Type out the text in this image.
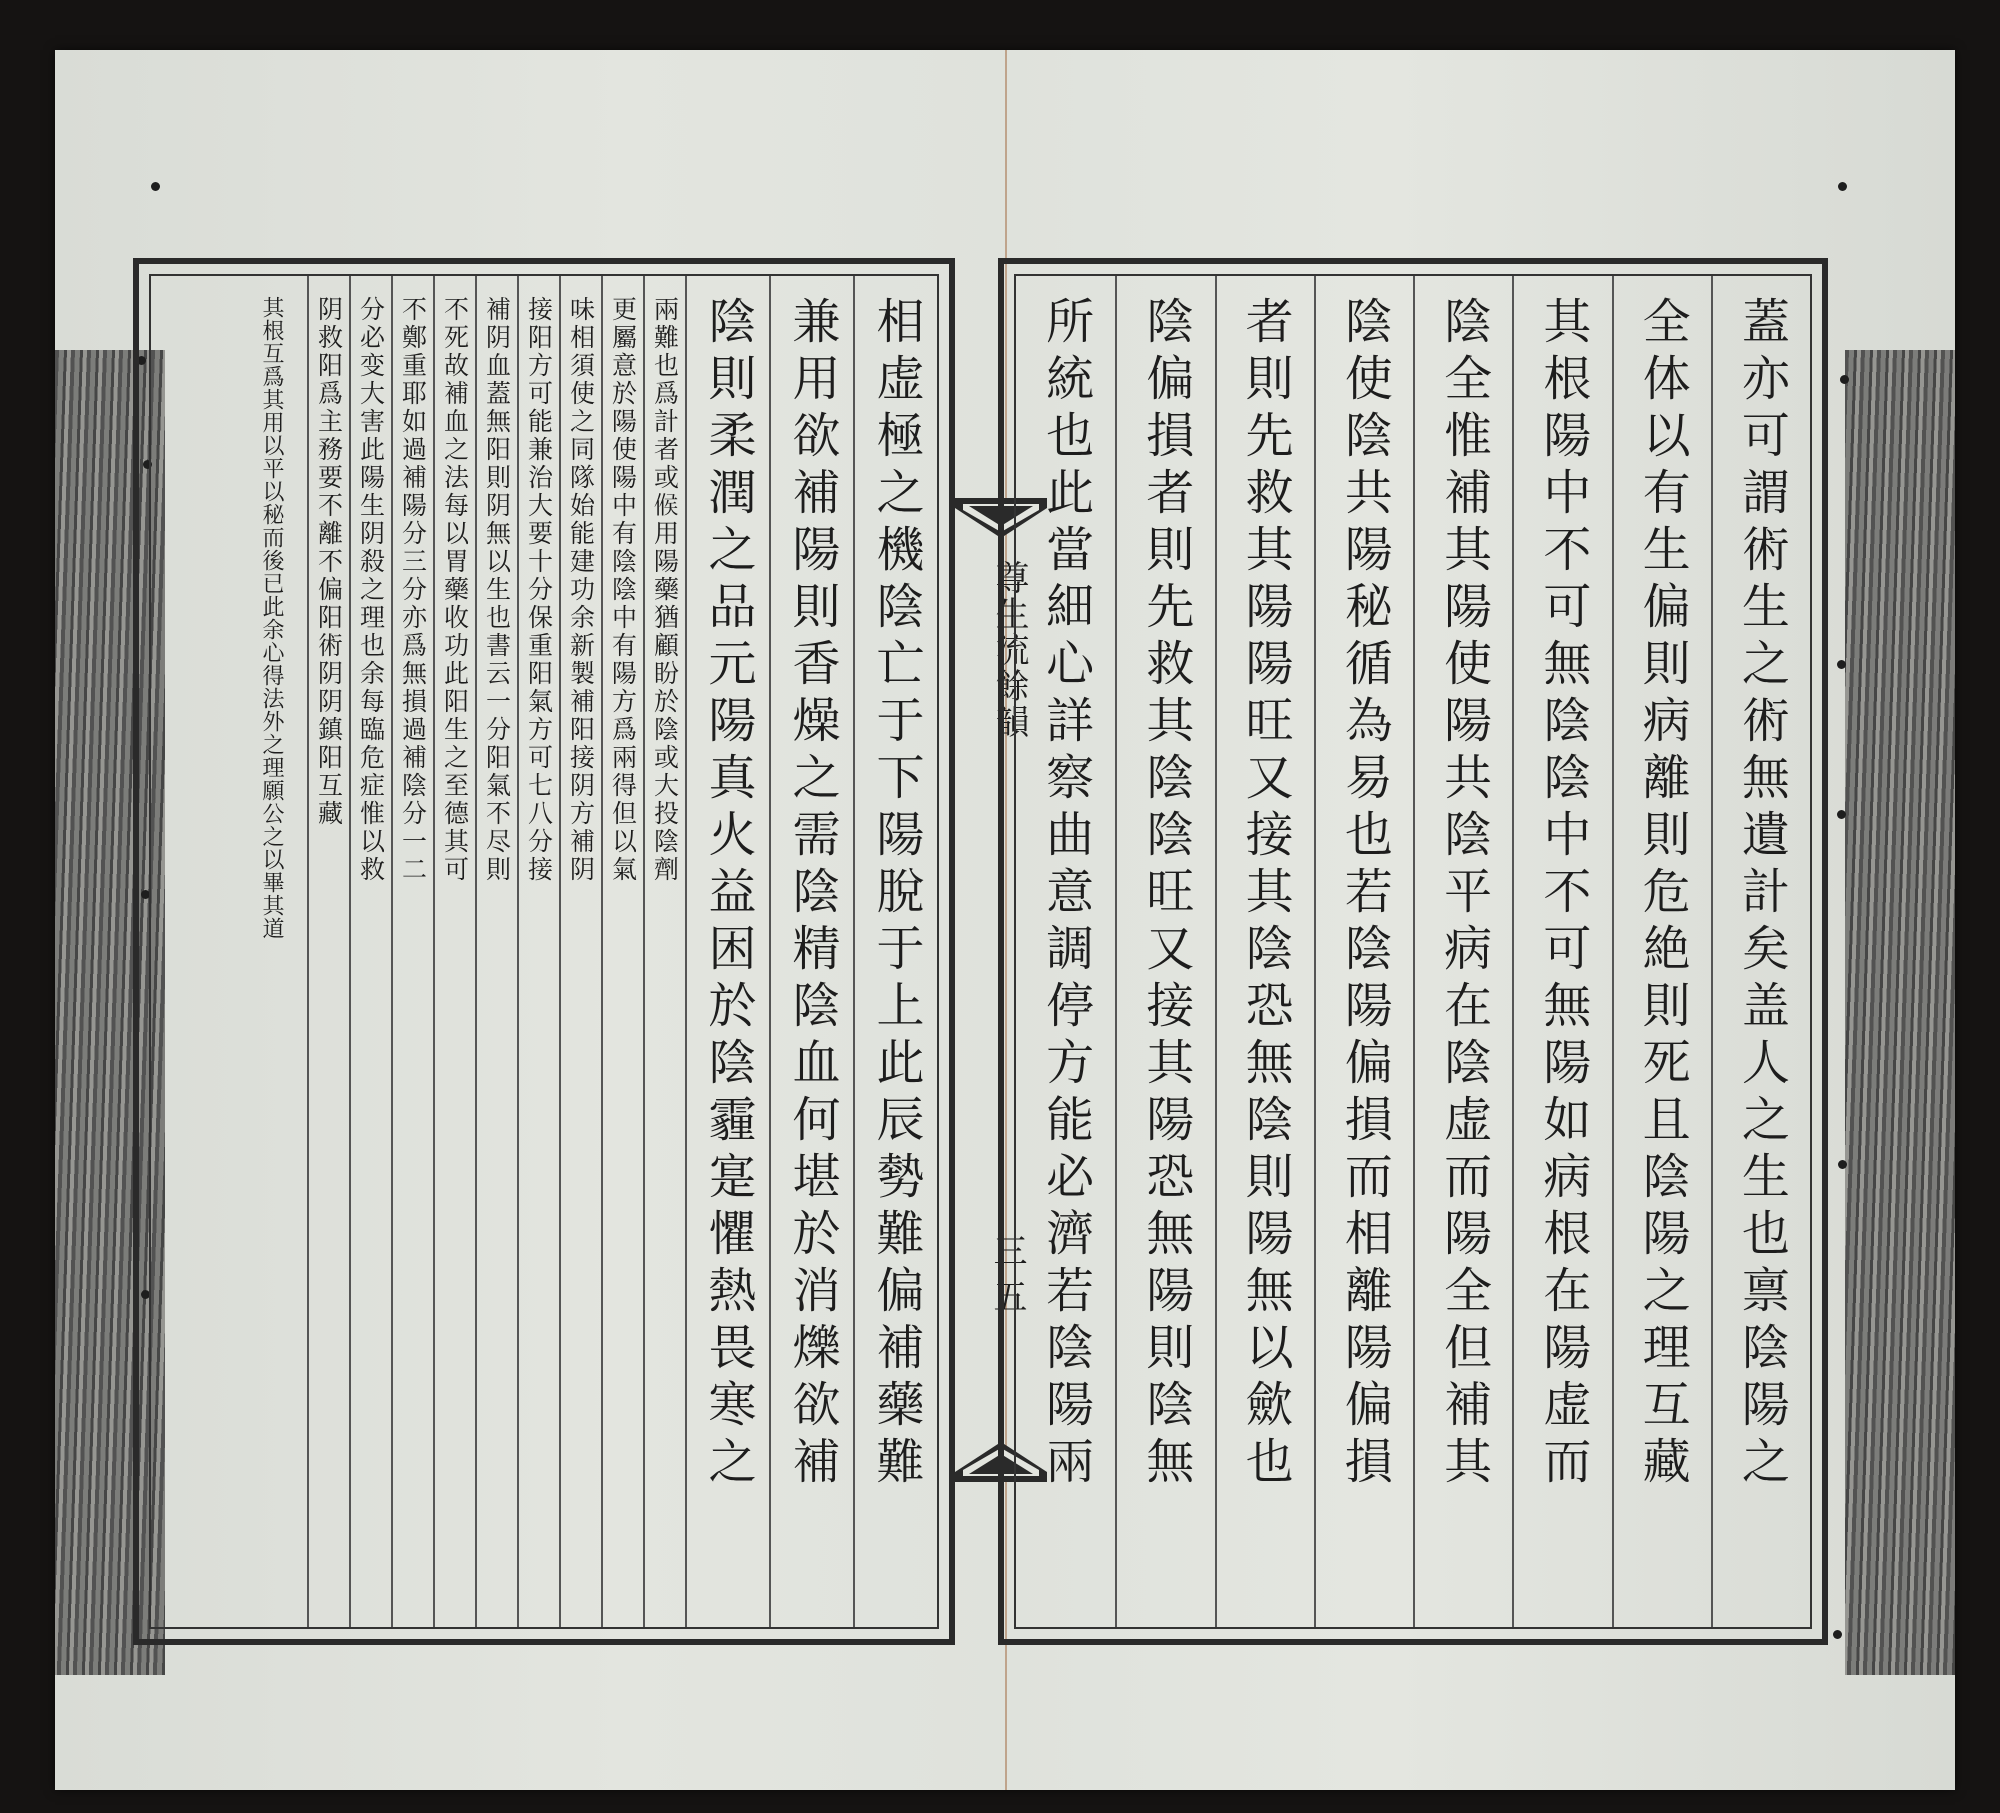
相虚極之機陰亡于下陽脫于上此辰勢難偏補藥難
兼用欲補陽則香燥之需陰精陰血何堪於消爍欲補
陰則柔潤之品元陽真火益困於陰霾寔懼熱畏寒之
兩難也爲計者或𠋫用陽藥猶顧盼於陰或大投陰劑
更屬意於陽使陽中有陰陰中有陽方爲兩得但以氣
味相須使之同隊始能建功余新製補阳接阴方補阴
接阳方可能兼治大要十分保重阳氣方可七八分接
補阴血蓋無阳則阴無以生也書云一分阳氣不尽則
不死故補血之法每以胃藥收功此阳生之至德其可
不鄭重耶如過補陽分三分亦爲無損過補陰分一二
分必变大害此陽生阴殺之理也余每臨危症惟以救
阴救阳爲主務要不離不偏阳術阴阴鎮阳互藏
其根互爲其用以平以秘而後已此余心得法外之理願公之以畢其道	尊生流餘韻
三五	蓋亦可謂術生之術無遺計矣盖人之生也禀陰陽之
全体以有生偏則病離則危絶則死且陰陽之理互藏
其根陽中不可無陰陰中不可無陽如病根在陽虚而
陰全惟補其陽使陽共陰平病在陰虚而陽全但補其
陰使陰共陽秘循為易也若陰陽偏損而相離陽偏損
者則先救其陽陽旺又接其陰恐無陰則陽無以歛也
陰偏損者則先救其陰陰旺又接其陽恐無陽則陰無
所統也此當細心詳察曲意調停方能必濟若陰陽兩
